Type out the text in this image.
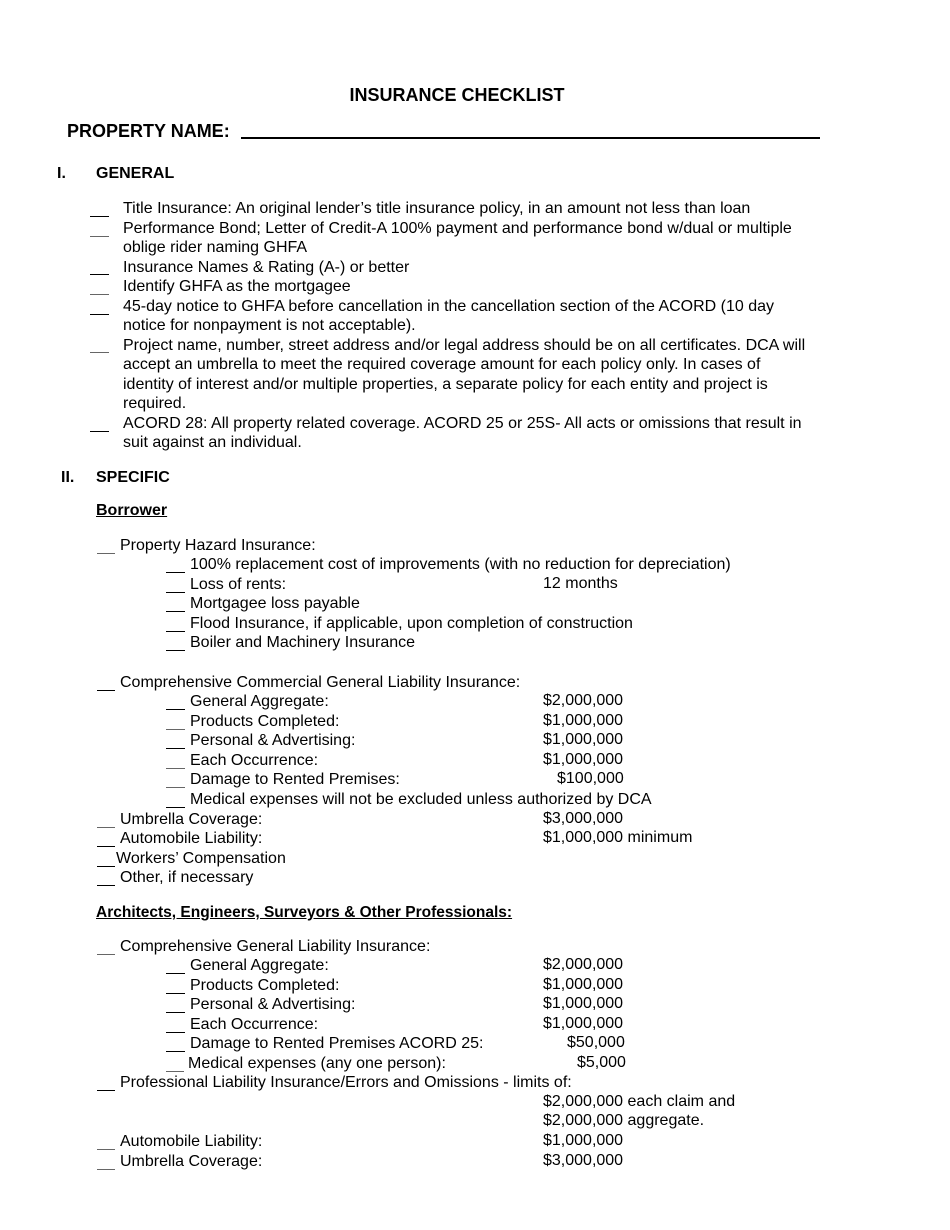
INSURANCE CHECKLIST
PROPERTY NAME:
I. GENERAL
Title Insurance: An original lender’s title insurance policy, in an amount not less than loan
Performance Bond; Letter of Credit-A 100% payment and performance bond w/dual or multiple
oblige rider naming GHFA
Insurance Names & Rating (A-) or better
Identify GHFA as the mortgagee
45-day notice to GHFA before cancellation in the cancellation section of the ACORD (10 day
notice for nonpayment is not acceptable).
Project name, number, street address and/or legal address should be on all certificates. DCA will
accept an umbrella to meet the required coverage amount for each policy only. In cases of
identity of interest and/or multiple properties, a separate policy for each entity and project is
required.
ACORD 28: All property related coverage. ACORD 25 or 25S- All acts or omissions that result in
suit against an individual.
II. SPECIFIC
Borrower
Property Hazard Insurance:
100% replacement cost of improvements (with no reduction for depreciation)
Loss of rents:	12 months
Mortgagee loss payable
Flood Insurance, if applicable, upon completion of construction
Boiler and Machinery Insurance
Comprehensive Commercial General Liability Insurance:
General Aggregate:	$2,000,000
Products Completed:	$1,000,000
Personal & Advertising:	$1,000,000
Each Occurrence:	$1,000,000
Damage to Rented Premises:	$100,000
Medical expenses will not be excluded unless authorized by DCA
Umbrella Coverage:	$3,000,000
Automobile Liability:	$1,000,000 minimum
Workers’ Compensation
Other, if necessary
Architects, Engineers, Surveyors & Other Professionals:
Comprehensive General Liability Insurance:
General Aggregate:	$2,000,000
Products Completed:	$1,000,000
Personal & Advertising:	$1,000,000
Each Occurrence:	$1,000,000
Damage to Rented Premises ACORD 25:	$50,000
Medical expenses (any one person):	$5,000
Professional Liability Insurance/Errors and Omissions - limits of:
$2,000,000 each claim and
$2,000,000 aggregate.
Automobile Liability:	$1,000,000
Umbrella Coverage:	$3,000,000
